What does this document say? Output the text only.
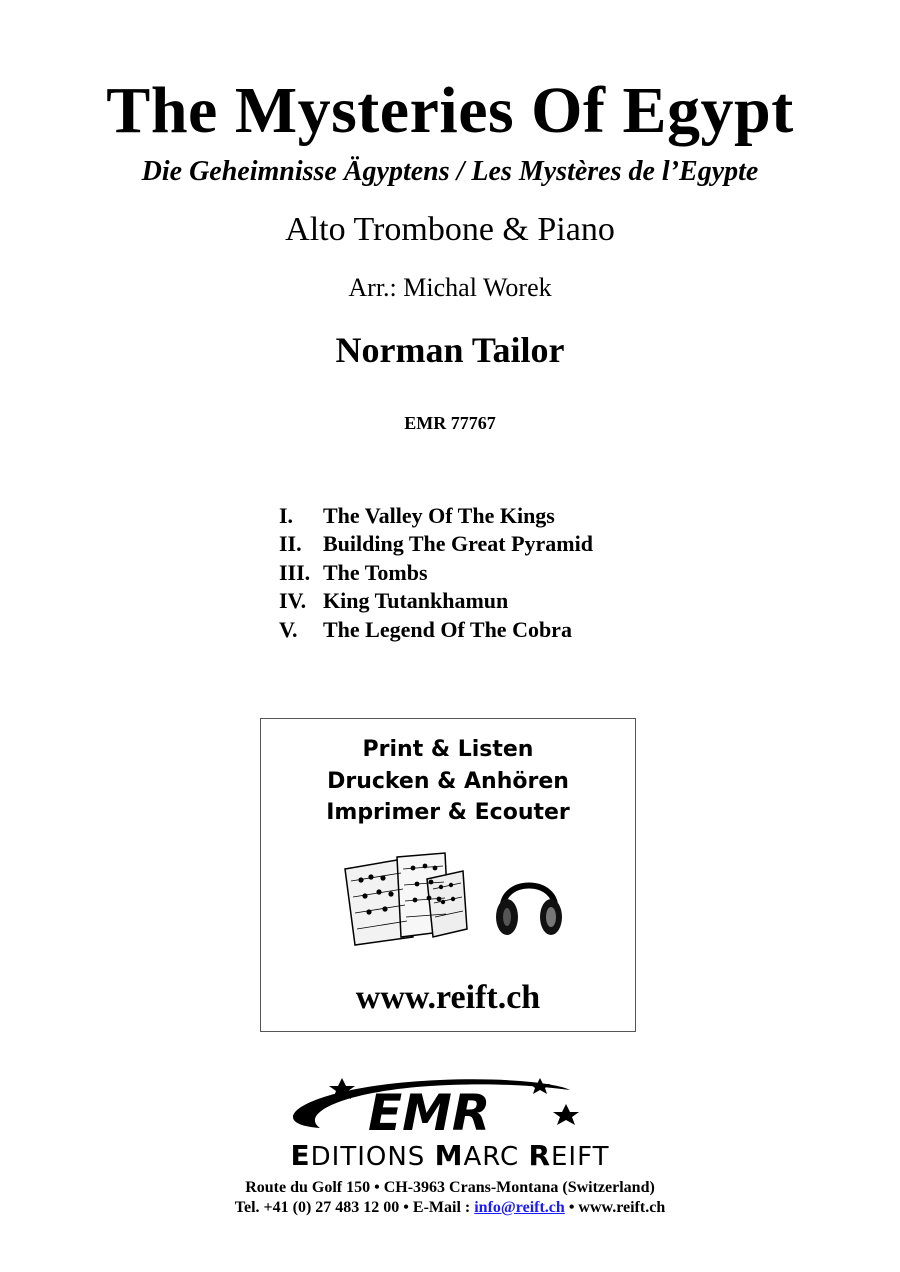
The Mysteries Of Egypt
Die Geheimnisse Ägyptens / Les Mystères de l’Egypte
Alto Trombone & Piano
Arr.: Michal Worek
Norman Tailor
EMR 77767
I. The Valley Of The Kings
II. Building The Great Pyramid
III. The Tombs
IV. King Tutankhamun
V. The Legend Of The Cobra
Print & Listen
Drucken & Anhören
Imprimer & Ecouter
www.reift.ch
EMR
EDITIONS MARC REIFT
Route du Golf 150 • CH-3963 Crans-Montana (Switzerland)
Tel. +41 (0) 27 483 12 00 • E-Mail : info@reift.ch • www.reift.ch
